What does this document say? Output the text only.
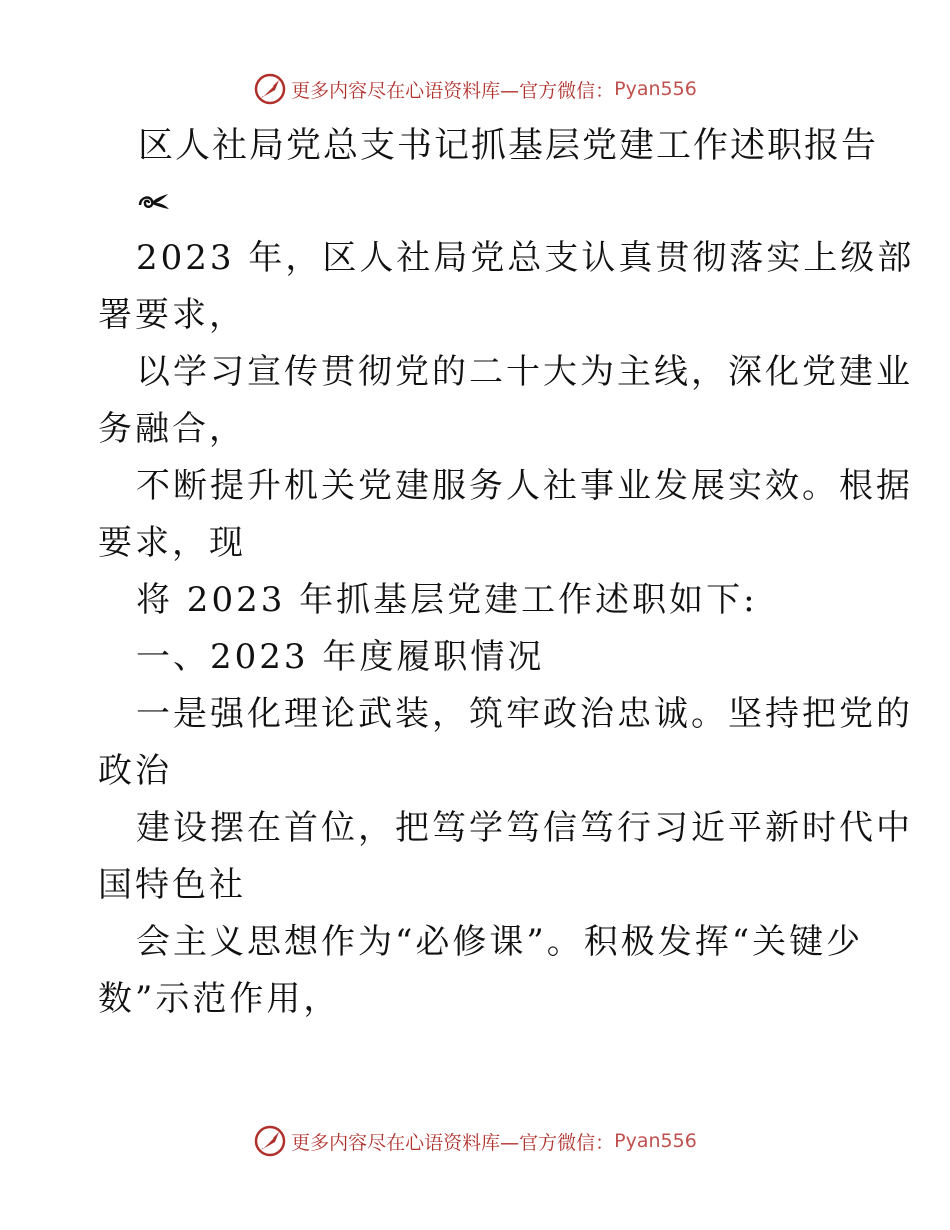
更多内容尽在心语资料库—官方微信： Pyan556
区人社局党总支书记抓基层党建工作述职报告
2023 年，区人社局党总支认真贯彻落实上级部
署要求，
以学习宣传贯彻党的二十大为主线，深化党建业
务融合，
不断提升机关党建服务人社事业发展实效。根据
要求，现
将 2023 年抓基层党建工作述职如下:
一、2023 年度履职情况
一是强化理论武装，筑牢政治忠诚。坚持把党的
政治
建设摆在首位，把笃学笃信笃行习近平新时代中
国特色社
会主义思想作为“必修课”。积极发挥“关键少
数”示范作用，
更多内容尽在心语资料库—官方微信： Pyan556
